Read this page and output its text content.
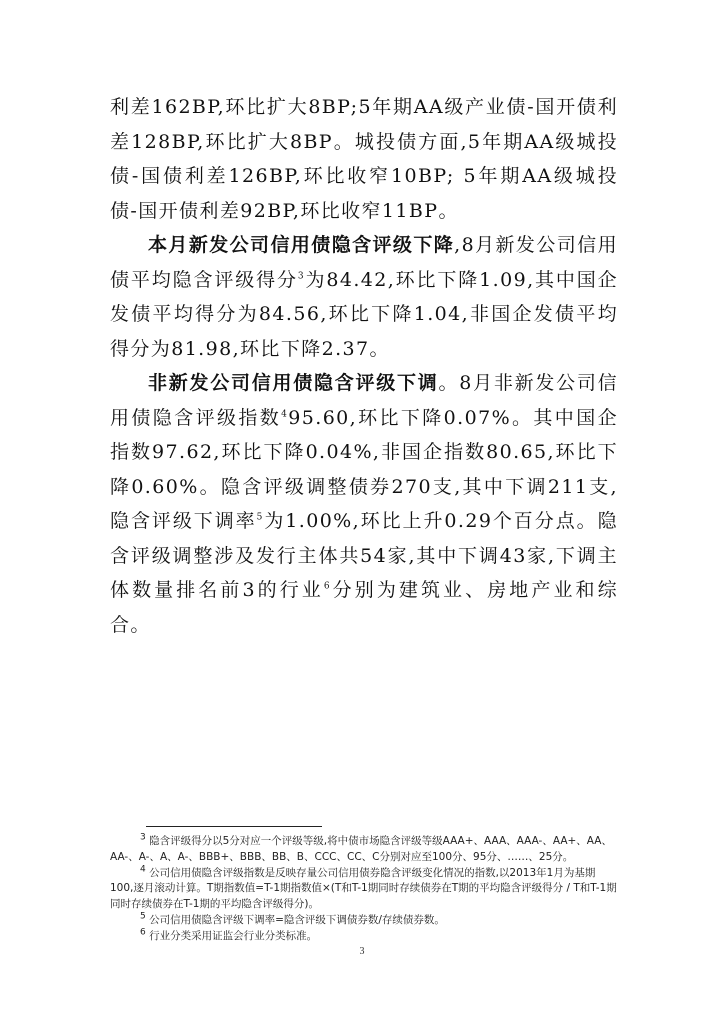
利差162BP,环比扩大8BP;5年期AA级产业债-国开债利差128BP,环比扩大8BP。城投债方面,5年期AA级城投债-国债利差126BP,环比收窄10BP; 5年期AA级城投债-国开债利差92BP,环比收窄11BP。

本月新发公司信用债隐含评级下降,8月新发公司信用债平均隐含评级得分$^3$为84.42,环比下降1.09,其中国企发债平均得分为84.56,环比下降1.04,非国企发债平均得分为81.98,环比下降2.37。

非新发公司信用债隐含评级下调。8月非新发公司信用债隐含评级指数$^4$95.60,环比下降0.07%。其中国企指数97.62,环比下降0.04%,非国企指数80.65,环比下降0.60%。隐含评级调整债券270支,其中下调211支,隐含评级下调率$^5$为1.00%,环比上升0.29个百分点。隐含评级调整涉及发行主体共54家,其中下调43家,下调主体数量排名前3的行业$^6$分别为建筑业、房地产业和综合。

$^3$ 隐含评级得分以5分对应一个评级等级,将中债市场隐含评级等级AAA+、AAA、AAA-、AA+、AA、AA-、A-、A、A-、BBB+、BBB、BB、B、CCC、CC、C分别对应至100分、95分、……、25分。

$^4$ 公司信用债隐含评级指数是反映存量公司信用债券隐含评级变化情况的指数,以2013年1月为基期100,逐月滚动计算。T期指数值=T-1期指数值×(T和T-1期同时存续债券在T期的平均隐含评级得分 / T和T-1期同时存续债券在T-1期的平均隐含评级得分)。

$^5$ 公司信用债隐含评级下调率=隐含评级下调债券数/存续债券数。

$^6$ 行业分类采用证监会行业分类标准。

3
